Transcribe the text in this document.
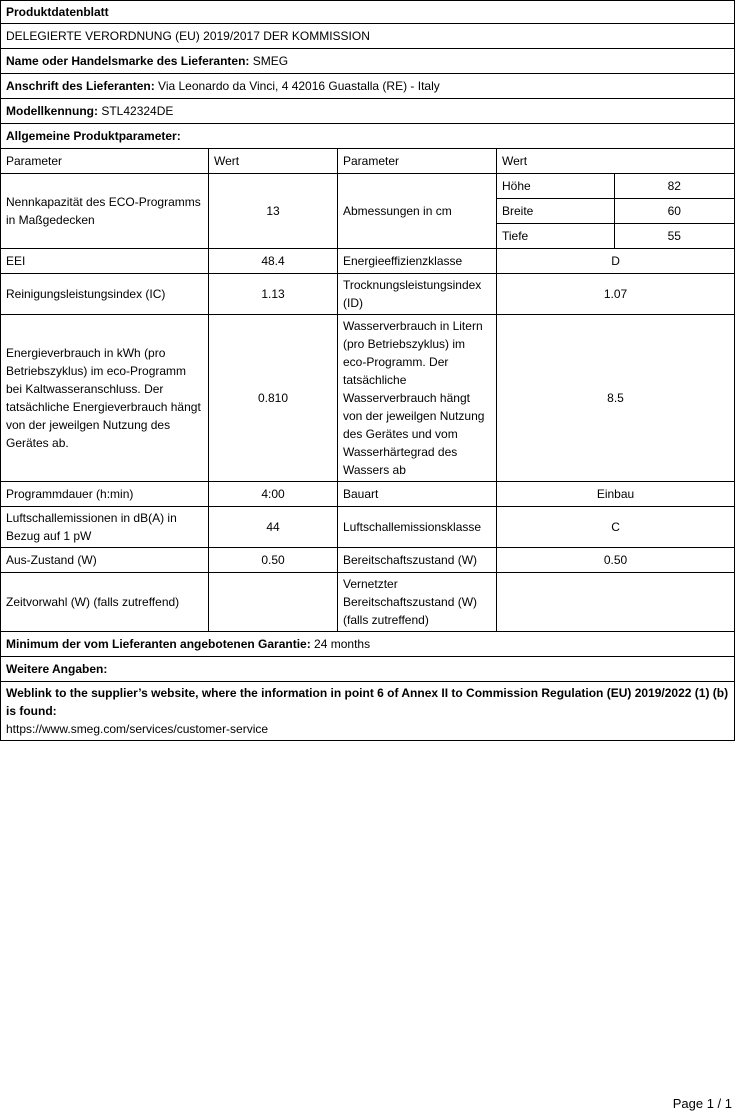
Produktdatenblatt
DELEGIERTE VERORDNUNG (EU) 2019/2017 DER KOMMISSION
Name oder Handelsmarke des Lieferanten: SMEG
Anschrift des Lieferanten: Via Leonardo da Vinci, 4 42016 Guastalla (RE) - Italy
Modellkennung: STL42324DE
Allgemeine Produktparameter:
Parameter	Wert	Parameter	Wert
Nennkapazität des ECO-Programms in Maßgedecken	13	Abmessungen in cm	
Höhe	82
Breite	60
Tiefe	55

EEI	48.4	Energieeffizienzklasse	D
Reinigungsleistungsindex (IC)	1.13	Trocknungsleistungsindex (ID)	1.07
Energieverbrauch in kWh (pro Betriebszyklus) im eco-Programm bei Kaltwasseranschluss. Der tatsächliche Energieverbrauch hängt von der jeweilgen Nutzung des Gerätes ab.	0.810	Wasserverbrauch in Litern (pro Betriebszyklus) im eco-Programm. Der tatsächliche Wasserverbrauch hängt von der jeweilgen Nutzung des Gerätes und vom Wasserhärtegrad des Wassers ab	8.5
Programmdauer (h:min)	4:00	Bauart	Einbau
Luftschallemissionen in dB(A) in Bezug auf 1 pW	44	Luftschallemissionsklasse	C
Aus-Zustand (W)	0.50	Bereitschaftszustand (W)	0.50
Zeitvorwahl (W) (falls zutreffend)		Vernetzter Bereitschaftszustand (W) (falls zutreffend)	
Minimum der vom Lieferanten angebotenen Garantie: 24 months
Weitere Angaben:

Weblink to the supplier’s website, where the information in point 6 of Annex II to Commission Regulation (EU) 2019/2022 (1) (b) is found:
https://www.smeg.com/services/customer-service
Page 1 / 1
